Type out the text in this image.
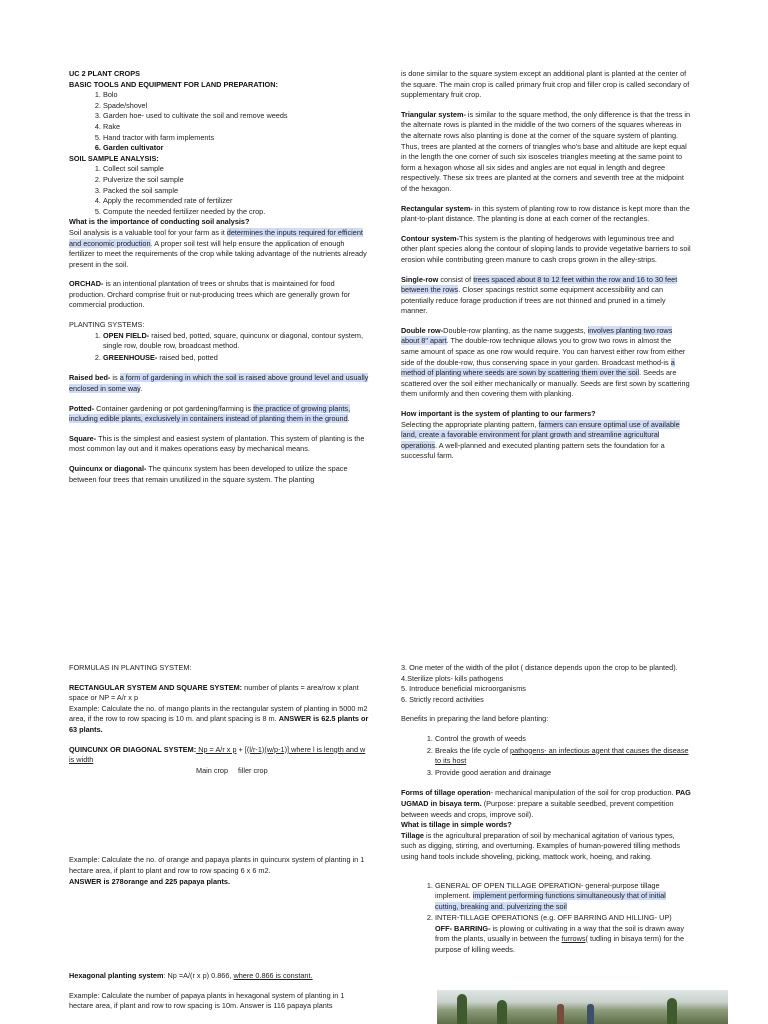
UC 2 PLANT CROPS

BASIC TOOLS AND EQUIPMENT FOR LAND PREPARATION:

1. Bolo
2. Spade/shovel
3. Garden hoe- used to cultivate the soil and remove weeds
4. Rake
5. Hand tractor with farm implements
6. Garden cultivator

SOIL SAMPLE ANALYSIS:

1. Collect soil sample
2. Pulverize the soil sample
3. Packed the soil sample
4. Apply the recommended rate of fertilizer
5. Compute the needed fertilizer needed by the crop.

What is the importance of conducting soil analysis?

Soil analysis is a valuable tool for your farm as it determines the inputs required for efficient and economic production. A proper soil test will help ensure the application of enough fertilizer to meet the requirements of the crop while taking advantage of the nutrients already present in the soil.

ORCHAD- is an intentional plantation of trees or shrubs that is maintained for food production. Orchard comprise fruit or nut-producing trees which are generally grown for commercial production.

PLANTING SYSTEMS:

1. OPEN FIELD- raised bed, potted, square, quincunx or diagonal, contour system, single row, double row, broadcast method.
2. GREENHOUSE- raised bed, potted

Raised bed- is a form of gardening in which the soil is raised above ground level and usually enclosed in some way.

Potted- Container gardening or pot gardening/farming is the practice of growing plants, including edible plants, exclusively in containers instead of planting them in the ground.

Square- This is the simplest and easiest system of plantation. This system of planting is the most common lay out and it makes operations easy by mechanical means.

Quincunx or diagonal- The quincunx system has been developed to utilize the space between four trees that remain unutilized in the square system. The planting

is done similar to the square system except an additional plant is planted at the center of the square. The main crop is called primary fruit crop and filler crop is called secondary of supplementary fruit crop.

Triangular system- is similar to the square method, the only difference is that the tress in the alternate rows is planted in the middle of the two corners of the squares whereas in the alternate rows also planting is done at the corner of the square system of planting. Thus, trees are planted at the corners of triangles who's base and altitude are kept equal in the length the one corner of such six isosceles triangles meeting at the same point to form a hexagon whose all six sides and angles are not equal in length and degree respectively. These six trees are planted at the corners and seventh tree at the midpoint of the hexagon.

Rectangular system- in this system of planting row to row distance is kept more than the plant-to-plant distance. The planting is done at each corner of the rectangles.

Contour system-This system is the planting of hedgerows with leguminous tree and other plant species along the contour of sloping lands to provide vegetative barriers to soil erosion while contributing green manure to cash crops grown in the alley-strips.

Single-row consist of trees spaced about 8 to 12 feet within the row and 16 to 30 feet between the rows. Closer spacings restrict some equipment accessibility and can potentially reduce forage production if trees are not thinned and pruned in a timely manner.

Double row-Double-row planting, as the name suggests, involves planting two rows about 8" apart. The double-row technique allows you to grow two rows in almost the same amount of space as one row would require. You can harvest either row from either side of the double-row, thus conserving space in your garden. Broadcast method-is a method of planting where seeds are sown by scattering them over the soil. Seeds are scattered over the soil either mechanically or manually. Seeds are first sown by scattering them uniformly and then covering them with planking.

How important is the system of planting to our farmers?

Selecting the appropriate planting pattern, farmers can ensure optimal use of available land, create a favorable environment for plant growth and streamline agricultural operations. A well-planned and executed planting pattern sets the foundation for a successful farm.

FORMULAS IN PLANTING SYSTEM:

RECTANGULAR SYSTEM AND SQUARE SYSTEM: number of plants = area/row x plant space or NP = A/r x p

Example: Calculate the no. of mango plants in the rectangular system of planting in 5000 m2 area, if the row to row spacing is 10 m. and plant spacing is 8 m. ANSWER is 62.5 plants or 63 plants.

QUINCUNX OR DIAGONAL SYSTEM: Np = A/r x p + [(l/r-1)(w/p-1)] where l is length and w is width

Main crop filler crop

Example: Calculate the no. of orange and papaya plants in quincunx system of planting in 1 hectare area, if plant to plant and row to row spacing 6 x 6 m2.

ANSWER is 278orange and 225 papaya plants.

Hexagonal planting system: Np =A/(r x p) 0.866, where 0.866 is constant.

Example: Calculate the number of papaya plants in hexagonal system of planting in 1 hectare area, if plant and row to row spacing is 10m. Answer is 116 papaya plants

3. One meter of the width of the pilot ( distance depends upon the crop to be planted).

4.Sterilize plots- kills pathogens

5. Introduce beneficial microorganisms

6. Strictly record activities

Benefits in preparing the land before planting:

1. Control the growth of weeds
2. Breaks the life cycle of pathogens- an infectious agent that causes the disease to its host
3. Provide good aeration and drainage

Forms of tillage operation- mechanical manipulation of the soil for crop production. PAG UGMAD in bisaya term. (Purpose: prepare a suitable seedbed, prevent competition between weeds and crops, improve soil).

What is tillage in simple words?

Tillage is the agricultural preparation of soil by mechanical agitation of various types, such as digging, stirring, and overturning. Examples of human-powered tilling methods using hand tools include shoveling, picking, mattock work, hoeing, and raking.

1. GENERAL OF OPEN TILLAGE OPERATION- general-purpose tillage implement. implement performing functions simultaneously that of initial cutting, breaking and. pulverizing the soil
2. INTER-TILLAGE OPERATIONS (e.g. OFF BARRING AND HILLING- UP)
OFF- BARRING- is plowing or cultivating in a way that the soil is drawn away from the plants, usually in between the furrows( tudling in bisaya term) for the purpose of killing weeds.
